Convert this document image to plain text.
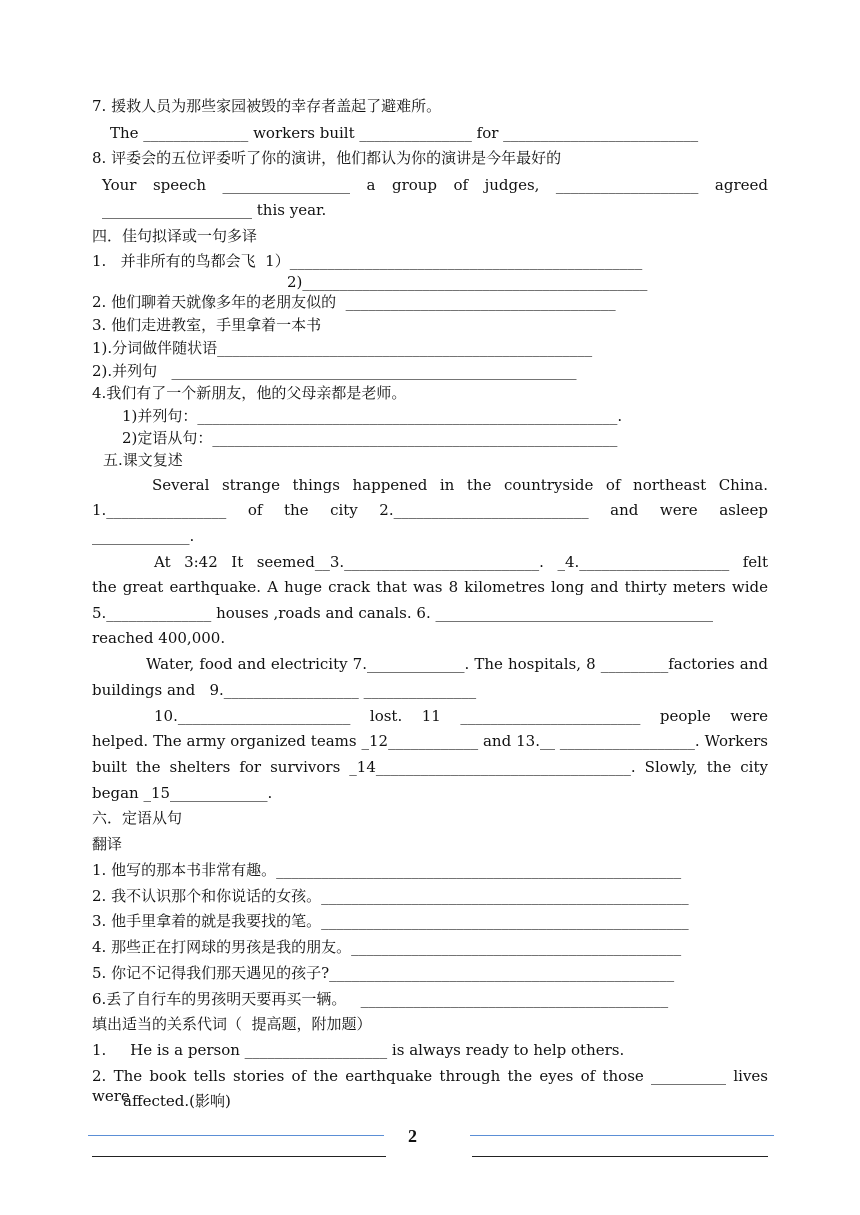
7. 援救人员为那些家园被毁的幸存者盖起了避难所。
The ______________ workers built _______________ for __________________________
8. 评委会的五位评委听了你的演讲，他们都认为你的演讲是今年最好的
Your speech _________________ a group of judges, ___________________ agreed
____________________ this year.
四．佳句拟译或一句多译
1.   并非所有的鸟都会飞  1）_______________________________________________
2)______________________________________________
2. 他们聊着天就像多年的老朋友似的  ____________________________________
3. 他们走进教室，手里拿着一本书
1).分词做伴随状语__________________________________________________
2).并列句   ______________________________________________________
4.我们有了一个新朋友，他的父母亲都是老师。
1)并列句：________________________________________________________.
2)定语从句：______________________________________________________
五.课文复述
Several strange things happened in the countryside of northeast China.
1.________________ of the city 2.__________________________ and were asleep
_____________.
At 3:42 It seemed__3.__________________________. _4.____________________ felt
the great earthquake. A huge crack that was 8 kilometres long and thirty meters wide
5.______________ houses ,roads and canals. 6. _____________________________________
reached 400,000.
Water, food and electricity 7._____________. The hospitals, 8 _________factories and
buildings and   9.__________________ _______________
10._______________________ lost. 11 ________________________ people were
helped. The army organized teams _12____________ and 13.__ __________________. Workers
built the shelters for survivors _14__________________________________. Slowly, the city
began _15_____________.
六．定语从句
翻译
1. 他写的那本书非常有趣。______________________________________________________
2. 我不认识那个和你说话的女孩。_________________________________________________
3. 他手里拿着的就是我要找的笔。_________________________________________________
4. 那些正在打网球的男孩是我的朋友。____________________________________________
5. 你记不记得我们那天遇见的孩子?______________________________________________
6.丢了自行车的男孩明天要再买一辆。   _________________________________________
填出适当的关系代词（  提高题，附加题）
1.     He is a person ___________________ is always ready to help others.
2. The book tells stories of the earthquake through the eyes of those __________ lives were
affected.(影响)
2
